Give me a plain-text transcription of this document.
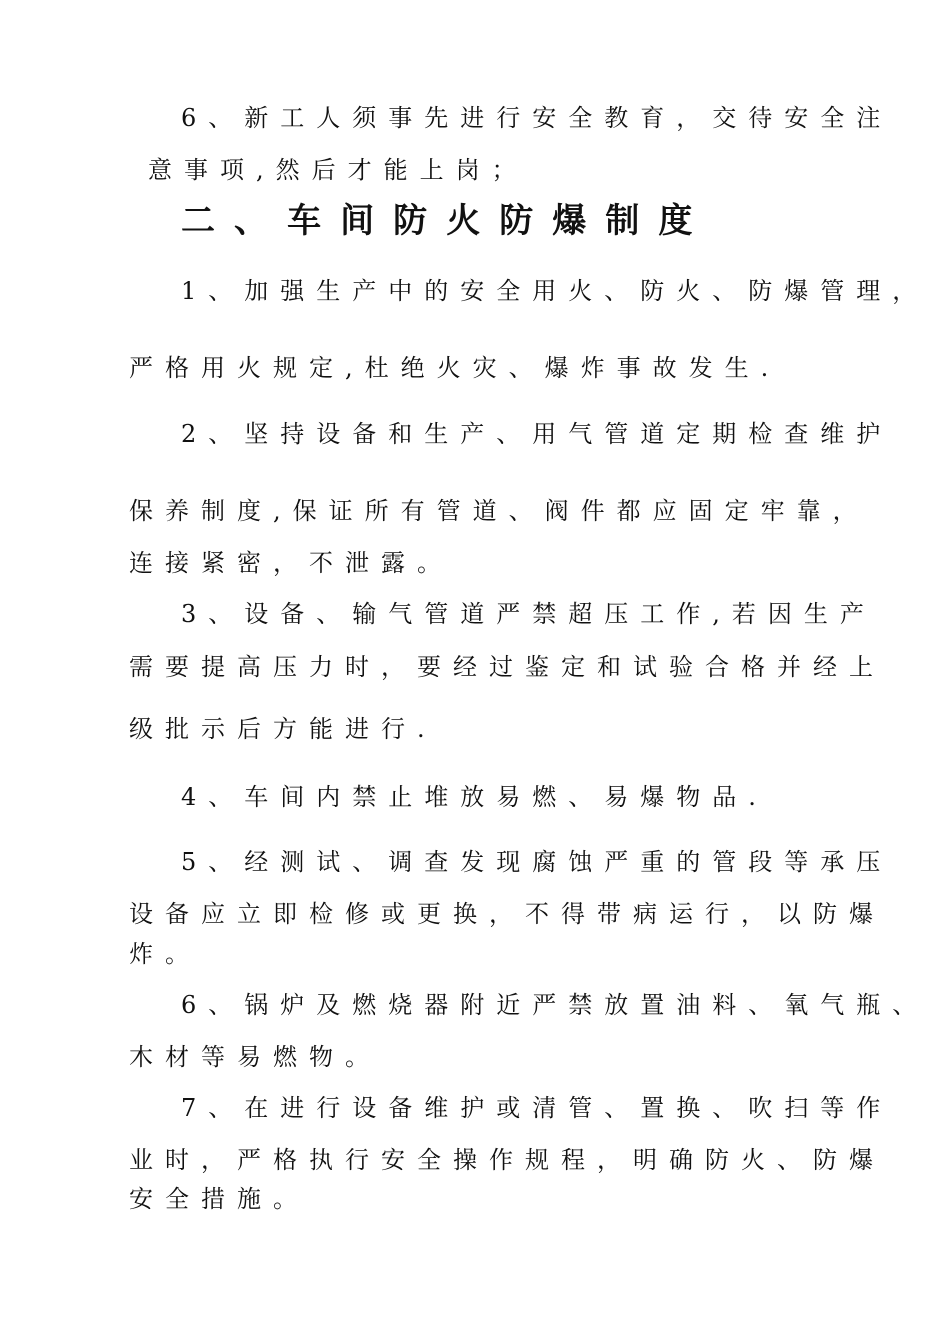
6、新工人须事先进行安全教育，交待安全注
意事项,然后才能上岗；
二、车间防火防爆制度
1、加强生产中的安全用火、防火、防爆管理，
严格用火规定,杜绝火灾、爆炸事故发生.
2、坚持设备和生产、用气管道定期检查维护
保养制度,保证所有管道、阀件都应固定牢靠，
连接紧密，不泄露。
3、设备、输气管道严禁超压工作,若因生产
需要提高压力时，要经过鉴定和试验合格并经上
级批示后方能进行.
4、车间内禁止堆放易燃、易爆物品.
5、经测试、调查发现腐蚀严重的管段等承压
设备应立即检修或更换，不得带病运行，以防爆
炸。
6、锅炉及燃烧器附近严禁放置油料、氧气瓶、
木材等易燃物。
7、在进行设备维护或清管、置换、吹扫等作
业时，严格执行安全操作规程，明确防火、防爆
安全措施。
